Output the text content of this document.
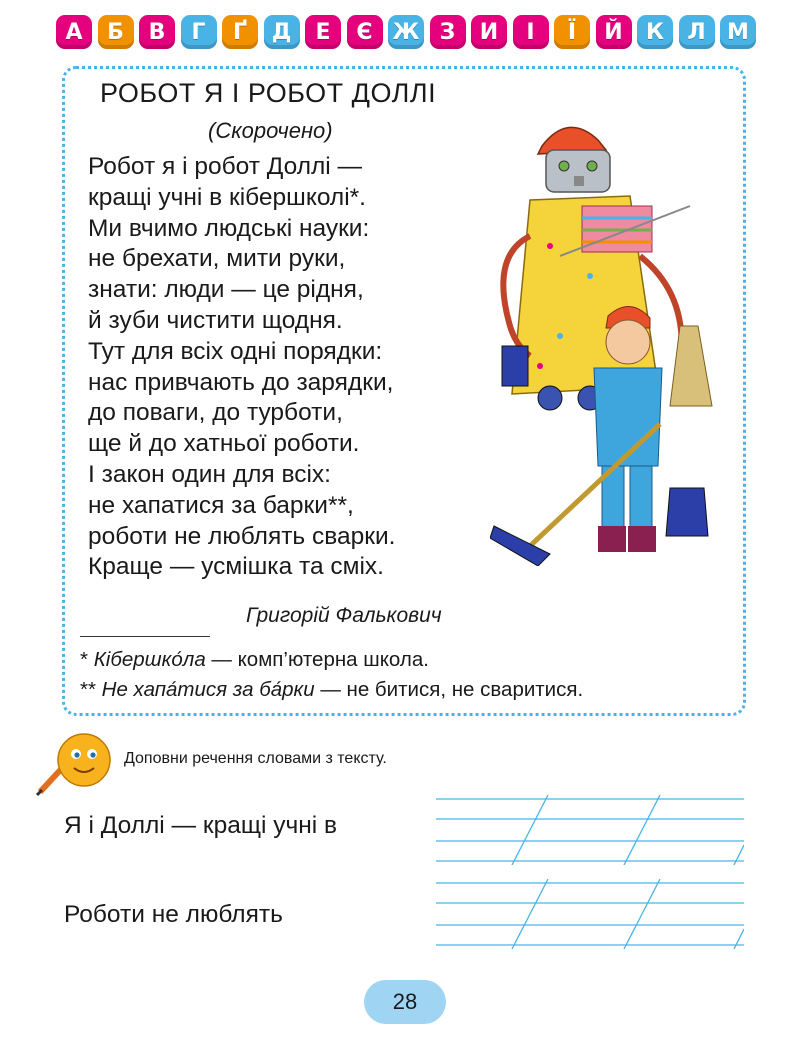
А	Б	В	Г	Ґ	Д	Е	Є Ж З	И	І	Ї	Й	К	Л М
РОБОТ Я І РОБОТ ДОЛЛІ
(Скорочено)
Робот я і робот Доллі —
кращі учні в кібершколі*.
Ми вчимо людські науки:
не брехати, мити руки,
знати: люди — це рідня,
й зуби чистити щодня.
Тут для всіх одні порядки:
нас привчають до зарядки,
до поваги, до турботи,
ще й до хатньої роботи.
І закон один для всіх:
не хапатися за барки**,
роботи не люблять сварки.
Краще — усмішка та сміх.
Григорій Фалькович
* Кібершко́ла — комп’ютерна школа.
** Не хапа́тися за ба́рки — не битися, не сваритися.
Доповни речення словами з тексту.
Я і Доллі — кращі учні в
Роботи не люблять
28
